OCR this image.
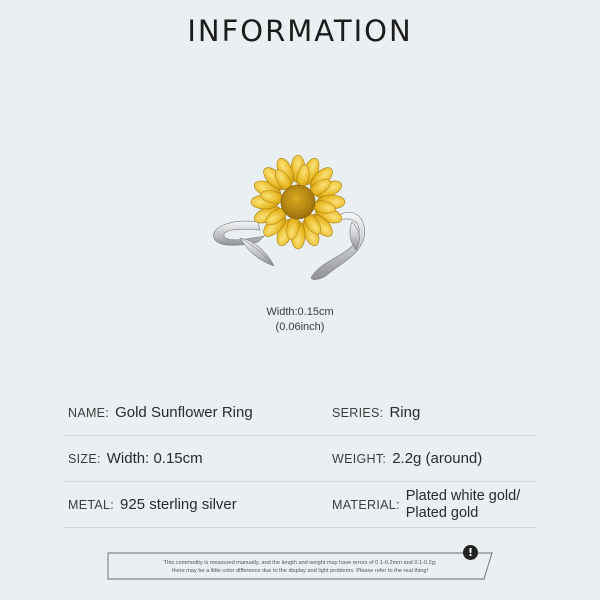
INFORMATION
Width:0.15cm
(0.06inch)
NAME: Gold Sunflower Ring	SERIES: Ring
SIZE: Width: 0.15cm	WEIGHT: 2.2g (around)
METAL: 925 sterling silver	MATERIAL:
Plated white gold/
Plated gold
!
This commodity is measured manually, and the length and weight may have errors of 0.1-0.2mm and 0.1-0.2g;
there may be a little color difference due to the display and light problems. Please refer to the real thing!
